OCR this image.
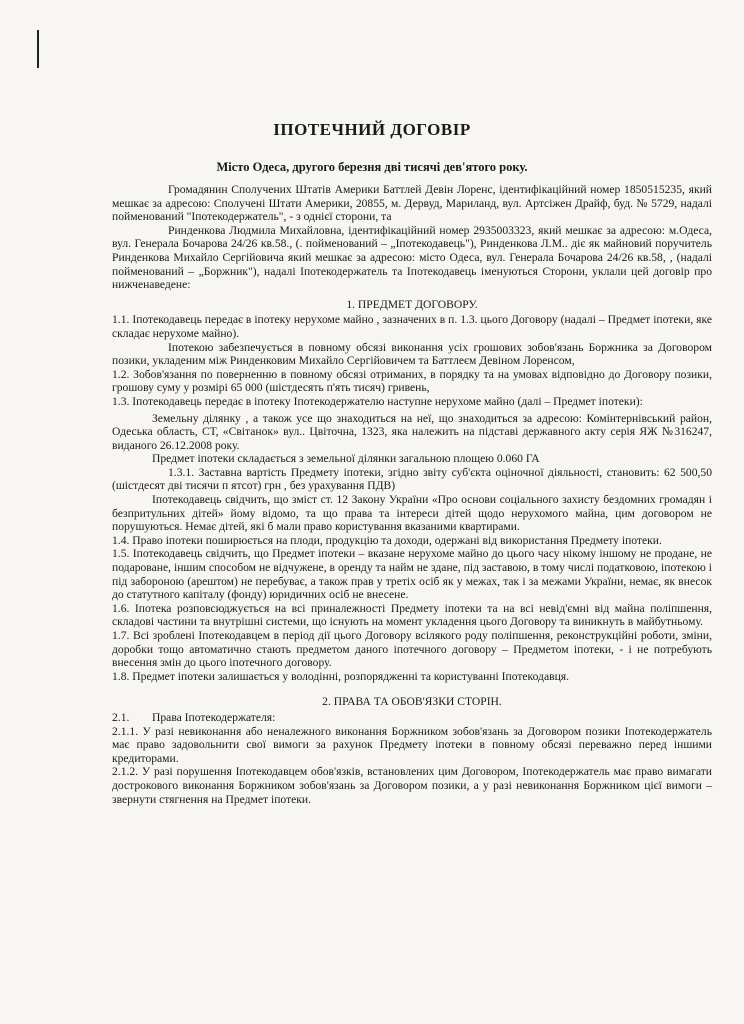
ІПОТЕЧНИЙ ДОГОВІР
Місто Одеса, другого березня дві тисячі дев'ятого року.

Громадянин Сполучених Штатів Америки Баттлей Девін Лоренс, ідентифікаційний номер 1850515235, який мешкає за адресою: Сполучені Штати Америки, 20855, м. Дервуд, Мариланд, вул. Артсіжен Драйф, буд. № 5729, надалі пойменований "Іпотекодержатель", - з однієї сторони, та

Ринденкова Людмила Михайловна, ідентифікаційний номер 2935003323, який мешкає за адресою: м.Одеса, вул. Генерала Бочарова 24/26 кв.58., (. пойменований – „Іпотекодавець"), Ринденкова Л.М.. діє як майновий поручитель Ринденкова Михайло Сергійовича який мешкає за адресою: місто Одеса, вул. Генерала Бочарова 24/26 кв.58, , (надалі пойменований – „Боржник"), надалі Іпотекодержатель та Іпотекодавець іменуються Сторони, уклали цей договір про нижченаведене:

1. ПРЕДМЕТ ДОГОВОРУ.

1.1. Іпотекодавець передає в іпотеку нерухоме майно , зазначених в п. 1.3. цього Договору (надалі – Предмет іпотеки, яке складає нерухоме майно).

Іпотекою забезпечується в повному обсязі виконання усіх грошових зобов'язань Боржника за Договором позики, укладеним між Ринденковим Михайло Сергійовичем та Баттлеєм Девіном Лоренсом,

1.2. Зобов'язання по поверненню в повному обсязі отриманих, в порядку та на умовах відповідно до Договору позики, грошову суму у розмірі 65 000 (шістдесять п'ять тисяч) гривень,

1.3. Іпотекодавець передає в іпотеку Іпотекодержателю наступне нерухоме майно (далі – Предмет іпотеки):

Земельну ділянку , а також усе що знаходиться на неї, що знаходиться за адресою: Комінтернівський район, Одеська область, СТ, «Світанок» вул.. Цвіточна, 1323, яка належить на підставі державного акту серія ЯЖ №316247, виданого 26.12.2008 року.

Предмет іпотеки складається з земельної ділянки загальною площею 0.060 ГА

1.3.1. Заставна вартість Предмету іпотеки, згідно звіту суб'єкта оціночної діяльності, становить: 62 500,50 (шістдесят дві тисячи п ятсот) грн , без урахування ПДВ)

Іпотекодавець свідчить, що зміст ст. 12 Закону України «Про основи соціального захисту бездомних громадян і безпритульних дітей» йому відомо, та що права та інтереси дітей щодо нерухомого майна, цим договором не порушуються. Немає дітей, які б мали право користування вказаними квартирами.

1.4. Право іпотеки поширюється на плоди, продукцію та доходи, одержані від використання Предмету іпотеки.

1.5. Іпотекодавець свідчить, що Предмет іпотеки – вказане нерухоме майно до цього часу нікому іншому не продане, не подароване, іншим способом не відчужене, в оренду та найм не здане, під заставою, в тому числі податковою, іпотекою і під забороною (арештом) не перебуває, а також прав у третіх осіб як у межах, так і за межами України, немає, як внесок до статутного капіталу (фонду) юридичних осіб не внесене.

1.6. Іпотека розповсюджується на всі приналежності Предмету іпотеки та на всі невід'ємні від майна поліпшення, складові частини та внутрішні системи, що існують на момент укладення цього Договору та виникнуть в майбутньому.

1.7. Всі зроблені Іпотекодавцем в період дії цього Договору всілякого роду поліпшення, реконструкційні роботи, зміни, доробки тощо автоматично стають предметом даного іпотечного договору – Предметом іпотеки, - і не потребують внесення змін до цього іпотечного договору.

1.8. Предмет іпотеки залишається у володінні, розпорядженні та користуванні Іпотекодавця.

2. ПРАВА ТА ОБОВ'ЯЗКИ СТОРІН.

2.1. Права Іпотекодержателя:

2.1.1. У разі невиконання або неналежного виконання Боржником зобов'язань за Договором позики Іпотекодержатель має право задовольнити свої вимоги за рахунок Предмету іпотеки в повному обсязі переважно перед іншими кредиторами.

2.1.2. У разі порушення Іпотекодавцем обов'язків, встановлених цим Договором, Іпотекодержатель має право вимагати дострокового виконання Боржником зобов'язань за Договором позики, а у разі невиконання Боржником цієї вимоги – звернути стягнення на Предмет іпотеки.
